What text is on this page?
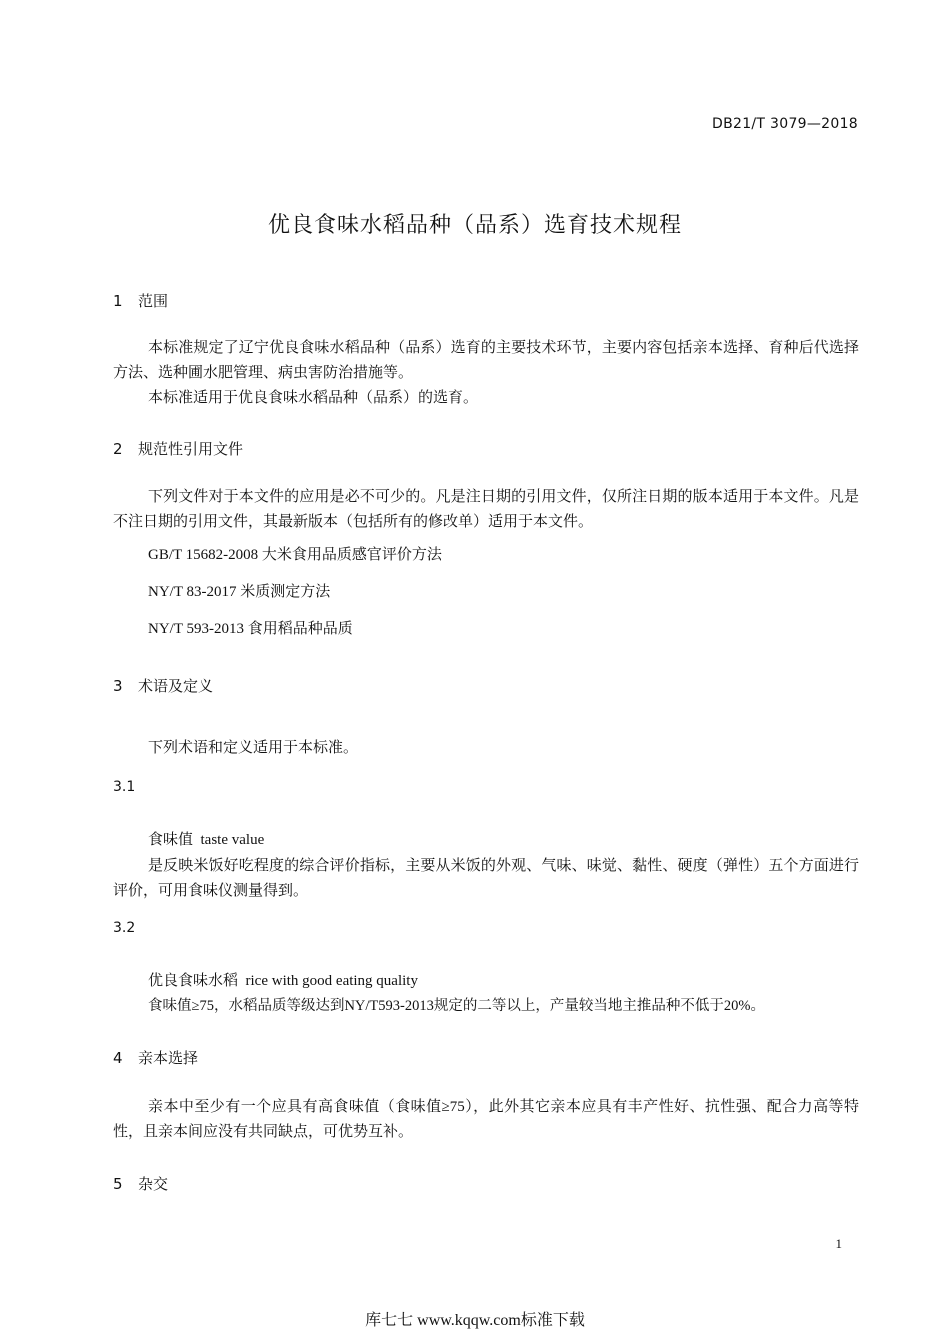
DB21/T 3079—2018
优良食味水稻品种（品系）选育技术规程
1 范围
本标准规定了辽宁优良食味水稻品种（品系）选育的主要技术环节，主要内容包括亲本选择、育种后代选择方法、选种圃水肥管理、病虫害防治措施等。
本标准适用于优良食味水稻品种（品系）的选育。
2 规范性引用文件
下列文件对于本文件的应用是必不可少的。凡是注日期的引用文件，仅所注日期的版本适用于本文件。凡是不注日期的引用文件，其最新版本（包括所有的修改单）适用于本文件。
GB/T 15682-2008 大米食用品质感官评价方法
NY/T 83-2017 米质测定方法
NY/T 593-2013 食用稻品种品质
3 术语及定义
下列术语和定义适用于本标准。
3.1
食味值 taste value
是反映米饭好吃程度的综合评价指标，主要从米饭的外观、气味、味觉、黏性、硬度（弹性）五个方面进行评价，可用食味仪测量得到。
3.2
优良食味水稻 rice with good eating quality
食味值≥75，水稻品质等级达到NY/T593-2013规定的二等以上，产量较当地主推品种不低于20%。
4 亲本选择
亲本中至少有一个应具有高食味值（食味值≥75），此外其它亲本应具有丰产性好、抗性强、配合力高等特性，且亲本间应没有共同缺点，可优势互补。
5 杂交
1
库七七 www.kqqw.com标准下载
